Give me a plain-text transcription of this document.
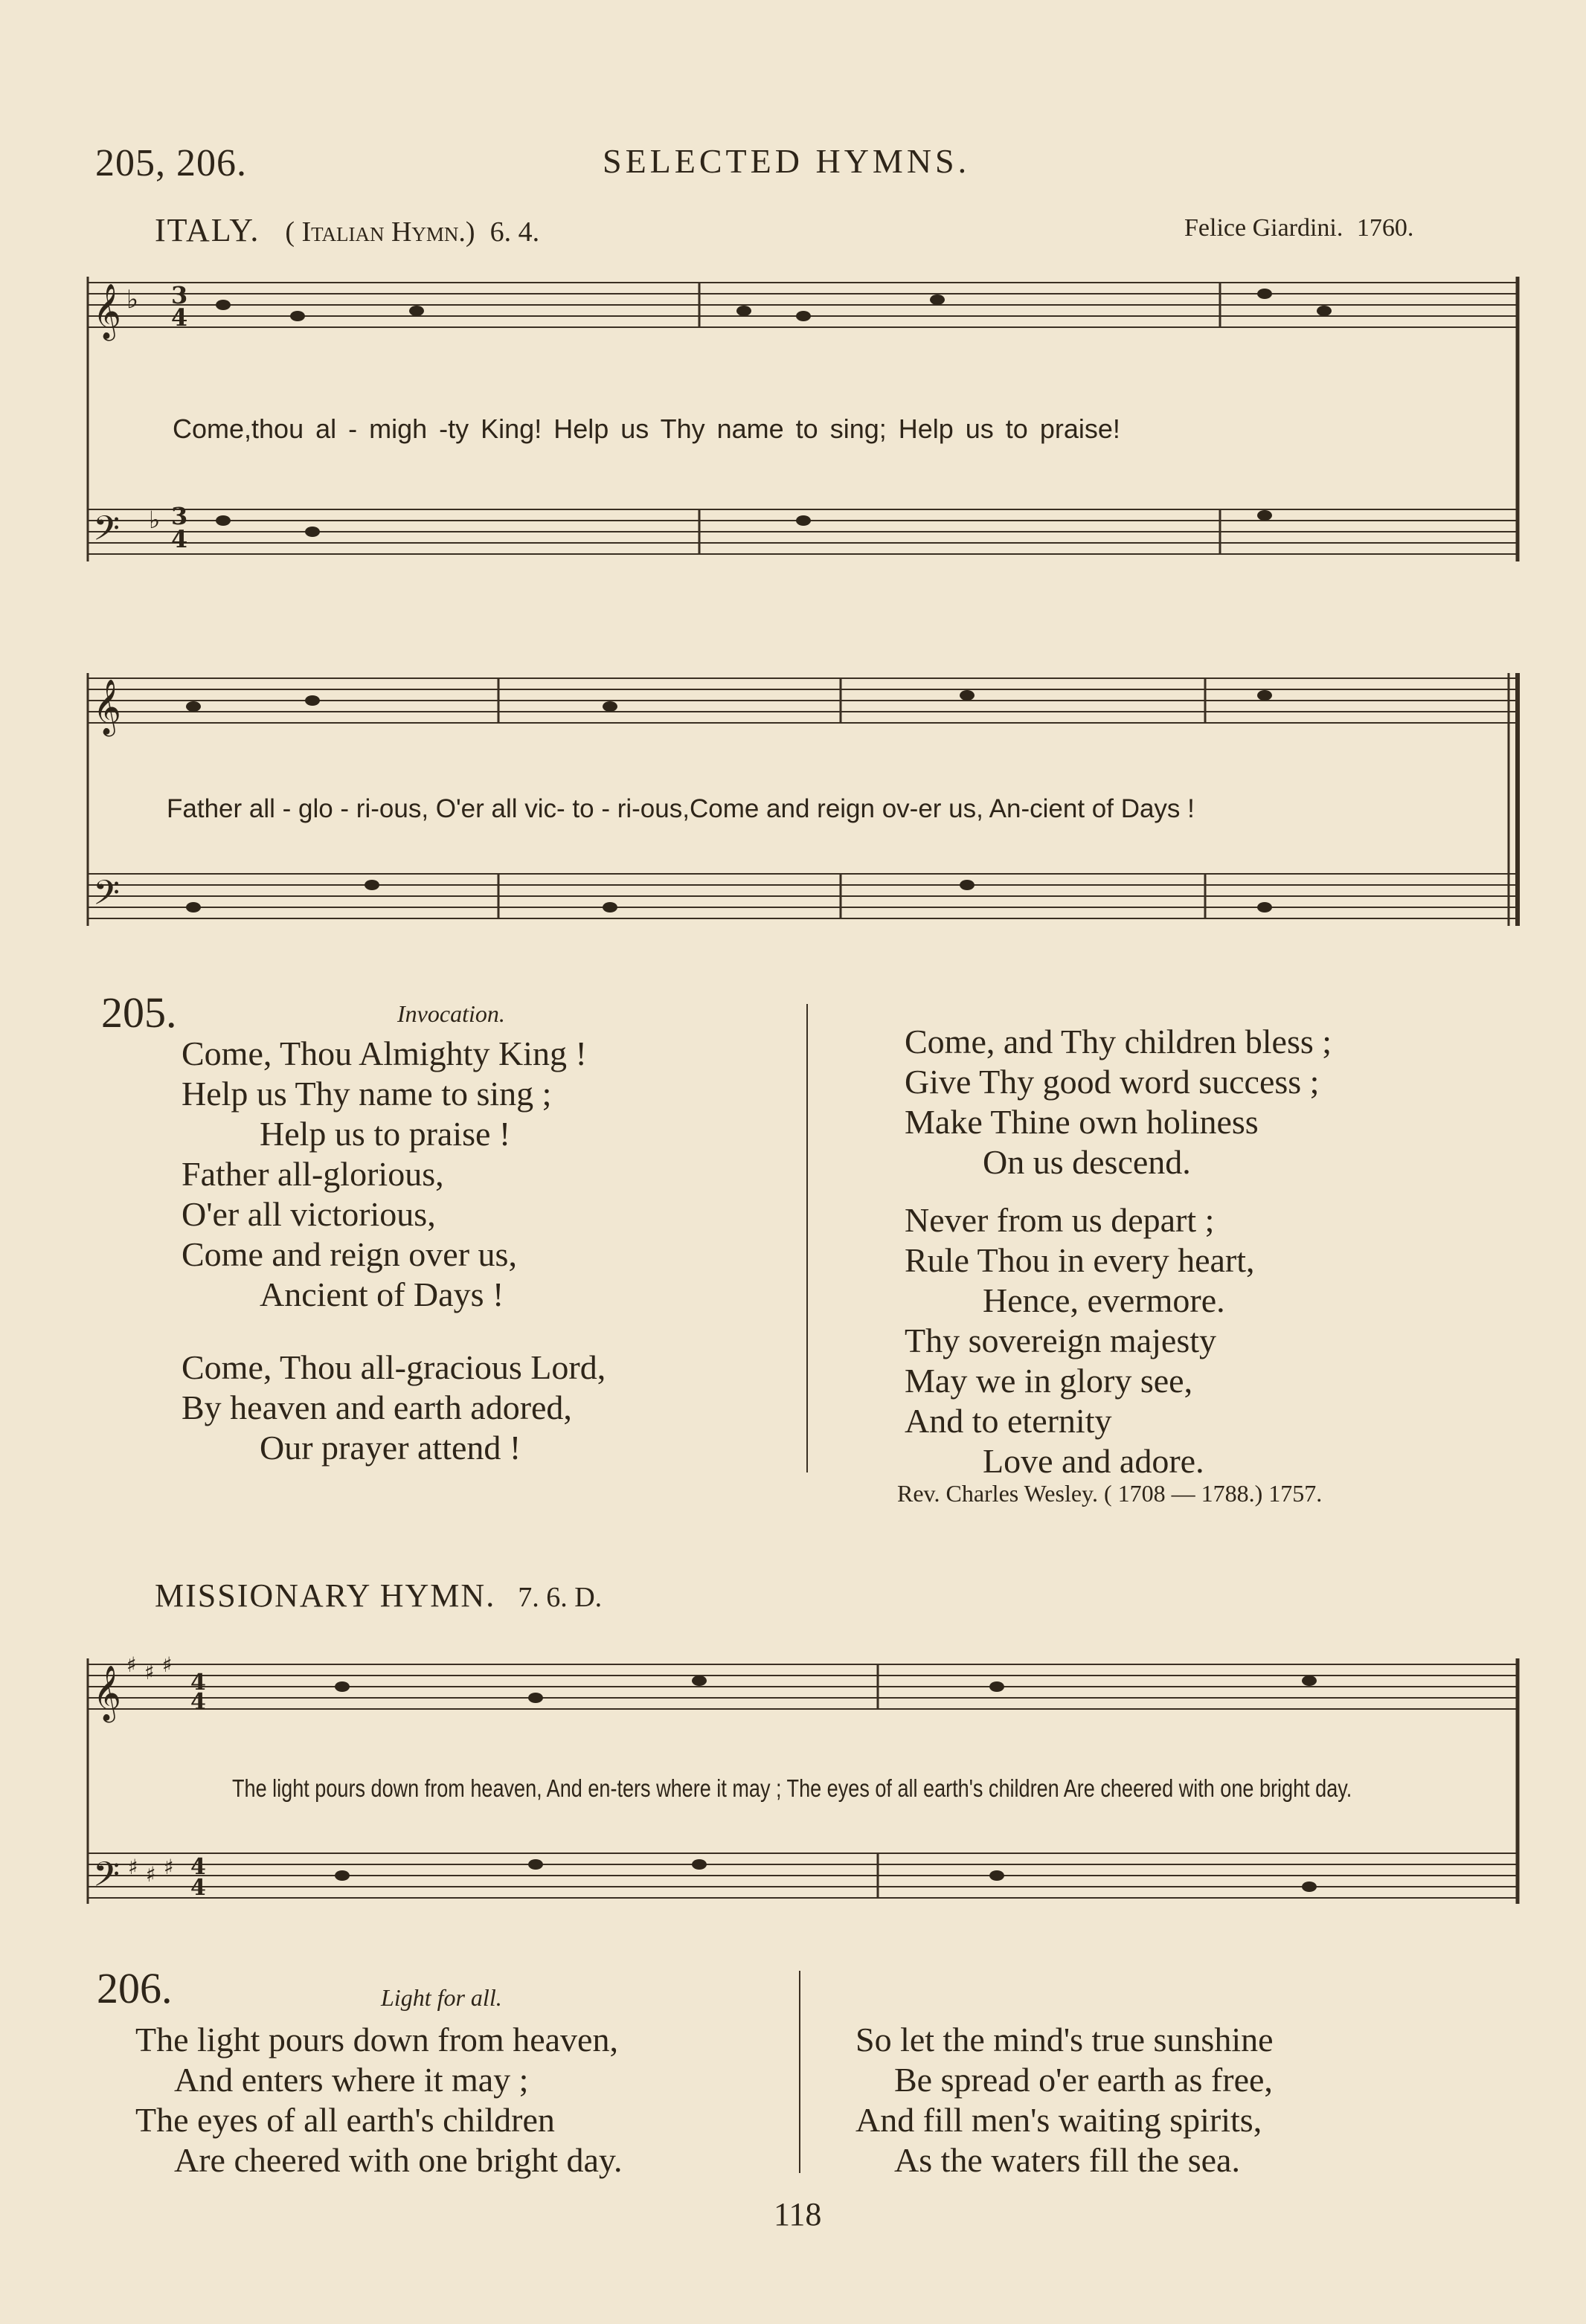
205, 206.	SELECTED HYMNS.
ITALY. ( Italian Hymn.) 6. 4.	Felice Giardini. 1760.
𝄞
𝄢
♭ 3
4
♭ 3
4
𝄞
𝄢
𝄞
𝄢
♯ ♯ ♯
4
4
♯ ♯ ♯ 4
4
Come,thou al - migh -ty King! Help us Thy name to sing; Help us to praise!
Father all - glo - ri-ous, O'er all vic- to - ri-ous,Come and reign ov-er us, An-cient of Days !
205.	Invocation.
Come, Thou Almighty King !
Help us Thy name to sing ;
Help us to praise !
Father all-glorious,
O'er all victorious,
Come and reign over us,
Ancient of Days !
Come, Thou all-gracious Lord,
By heaven and earth adored,
Our prayer attend !
Come, and Thy children bless ;
Give Thy good word success ;
Make Thine own holiness
On us descend.
Never from us depart ;
Rule Thou in every heart,
Hence, evermore.
Thy sovereign majesty
May we in glory see,
And to eternity
Love and adore.
Rev. Charles Wesley. ( 1708 — 1788.) 1757.
MISSIONARY HYMN. 7. 6. D.
The light pours down from heaven, And en-ters where it may ; The eyes of all earth's children Are cheered with one bright day.
206.	Light for all.
The light pours down from heaven,
And enters where it may ;
The eyes of all earth's children
Are cheered with one bright day.
So let the mind's true sunshine
Be spread o'er earth as free,
And fill men's waiting spirits,
As the waters fill the sea.
118
